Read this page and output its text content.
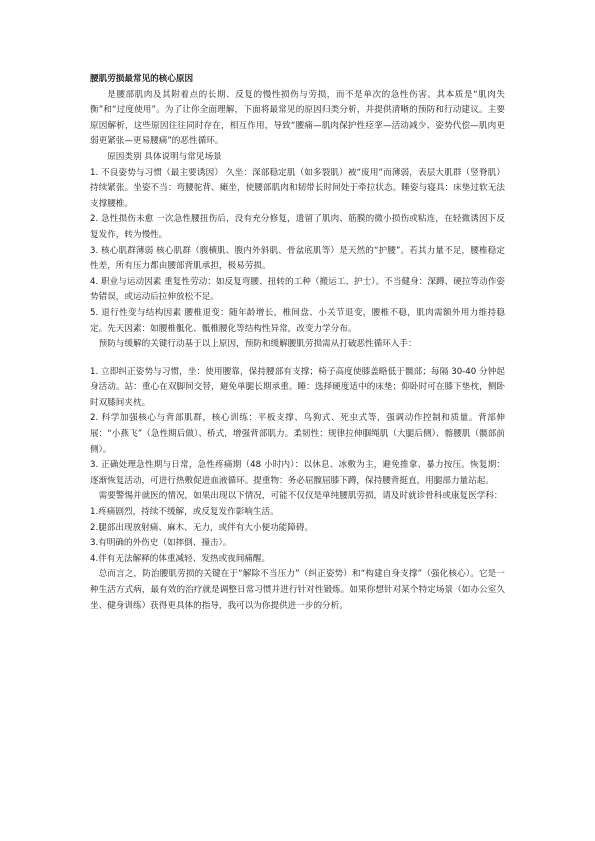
腰肌劳损最常见的核心原因

是腰部肌肉及其附着点的长期、反复的慢性损伤与劳损，而不是单次的急性伤害。其本质是“肌肉失衡”和“过度使用”。为了让你全面理解，下面将最常见的原因归类分析，并提供清晰的预防和行动建议。主要原因解析，这些原因往往同时存在，相互作用，导致“腰痛—肌肉保护性痉挛—活动减少、姿势代偿—肌肉更弱更紧张—更易腰痛”的恶性循环。

原因类别 具体说明与常见场景

1. 不良姿势与习惯（最主要诱因） 久坐：深部稳定肌（如多裂肌）被“废用”而薄弱，表层大肌群（竖脊肌）持续紧张。坐姿不当：弯腰驼背、瘫坐，使腰部肌肉和韧带长时间处于牵拉状态。睡姿与寝具：床垫过软无法支撑腰椎。

2. 急性损伤未愈 一次急性腰扭伤后，没有充分修复，遗留了肌肉、筋膜的微小损伤或粘连，在轻微诱因下反复发作，转为慢性。

3. 核心肌群薄弱 核心肌群（腹横肌、腹内外斜肌、骨盆底肌等）是天然的“护腰”。若其力量不足，腰椎稳定性差，所有压力都由腰部背肌承担，极易劳损。

4. 职业与运动因素 重复性劳动：如反复弯腰、扭转的工种（搬运工、护士）。不当健身：深蹲、硬拉等动作姿势错误，或运动后拉伸放松不足。

5. 退行性变与结构因素 腰椎退变：随年龄增长，椎间盘、小关节退变，腰椎不稳，肌肉需额外用力维持稳定。先天因素：如腰椎骶化、骶椎腰化等结构性异常，改变力学分布。

预防与缓解的关键行动基于以上原因，预防和缓解腰肌劳损需从打破恶性循环入手：

1. 立即纠正姿势与习惯，坐：使用腰靠，保持腰部有支撑；椅子高度使膝盖略低于髋部；每隔 30-40 分钟起身活动。站：重心在双脚间交替，避免单腿长期承重。睡：选择硬度适中的床垫；仰卧时可在膝下垫枕，侧卧时双膝间夹枕。

2. 科学加强核心与背部肌群，核心训练：平板支撑、鸟狗式、死虫式等，强调动作控制和质量。背部伸展：“小燕飞”（急性期后做）、桥式，增强背部肌力。柔韧性：规律拉伸腘绳肌（大腿后侧）、髂腰肌（髋部前侧）。

3. 正确处理急性期与日常，急性疼痛期（48 小时内）：以休息、冰敷为主，避免推拿、暴力按压。恢复期：逐渐恢复活动，可进行热敷促进血液循环。提重物：务必屈髋屈膝下蹲，保持腰背挺直，用腿部力量站起。

需要警惕并就医的情况，如果出现以下情况，可能不仅仅是单纯腰肌劳损，请及时就诊骨科或康复医学科：

1.疼痛剧烈，持续不缓解，或反复发作影响生活。

2.腿部出现放射痛、麻木、无力，或伴有大小便功能障碍。

3.有明确的外伤史（如摔倒、撞击）。

4.伴有无法解释的体重减轻、发热或夜间痛醒。

总而言之，防治腰肌劳损的关键在于“解除不当压力”（纠正姿势）和“构建自身支撑”（强化核心）。它是一种生活方式病，最有效的治疗就是调整日常习惯并进行针对性锻炼。如果你想针对某个特定场景（如办公室久坐、健身训练）获得更具体的指导，我可以为你提供进一步的分析。
